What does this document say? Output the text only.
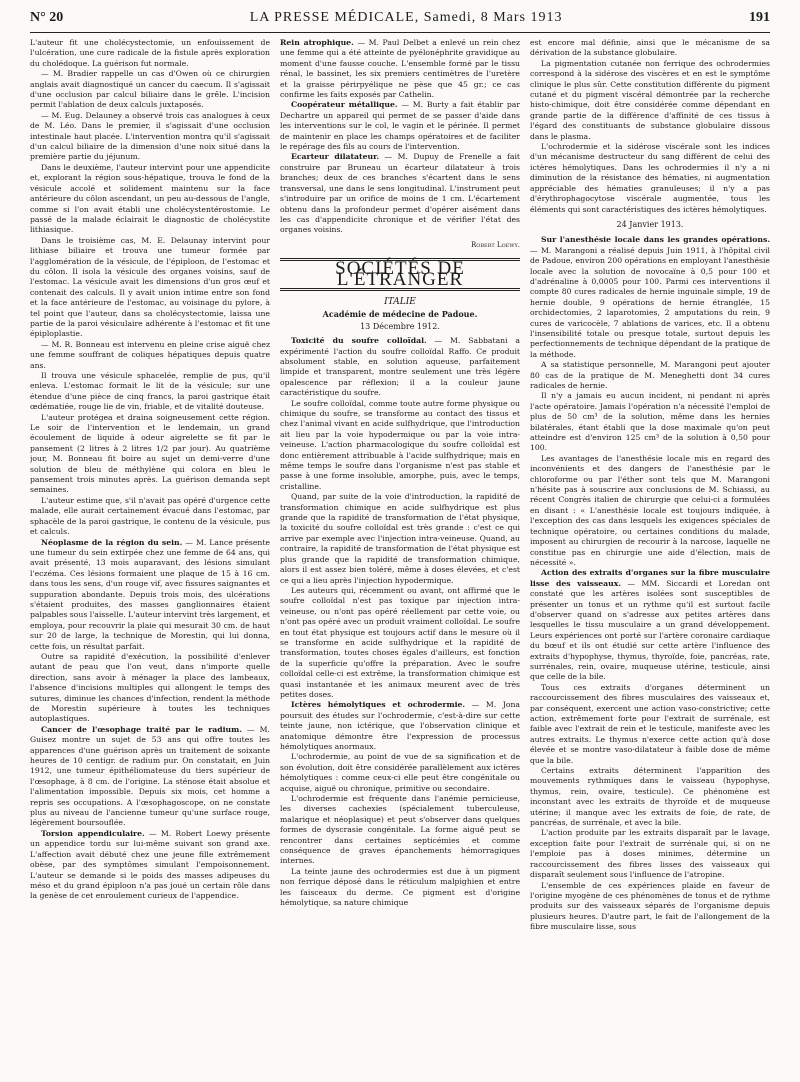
N° 20	LA PRESSE MÉDICALE, Samedi, 8 Mars 1913	191

L'auteur fit une cholécystectomie, un enfouissement de l'ulcération, une cure radicale de la fistule après exploration du cholédoque. La guérison fut normale.

— M. Bradier rappelle un cas d'Owen où ce chirurgien anglais avait diagnostiqué un cancer du caecum. Il s'agissait d'une occlusion par calcul biliaire dans le grêle. L'incision permit l'ablation de deux calculs juxtaposés.

— M. Eug. Delauney a observé trois cas analogues à ceux de M. Léo. Dans le premier, il s'agissait d'une occlusion intestinale haut placée. L'intervention montra qu'il s'agissait d'un calcul biliaire de la dimension d'une noix situé dans la première partie du jéjunum.

Dans le deuxième, l'auteur intervint pour une appendicite et, explorant la région sous-hépatique, trouva le fond de la vésicule accolé et solidement maintenu sur la face antérieure du côlon ascendant, un peu au-dessous de l'angle, comme si l'on avait établi une cholécystentérostomie. Le passé de la malade éclairait le diagnostic de cholécystite lithiasique.

Dans le troisième cas, M. E. Delaunay intervint pour lithiase biliaire et trouva une tumeur formée par l'agglomération de la vésicule, de l'épiploon, de l'estomac et du côlon. Il isola la vésicule des organes voisins, sauf de l'estomac. La vésicule avait les dimensions d'un gros œuf et contenait des calculs. Il y avait union intime entre son fond et la face antérieure de l'estomac, au voisinage du pylore, à tel point que l'auteur, dans sa cholécystectomie, laissa une partie de la paroi vésiculaire adhérente à l'estomac et fit une épiploplastie.

— M. R. Bonneau est intervenu en pleine crise aiguë chez une femme souffrant de coliques hépatiques depuis quatre ans.

Il trouva une vésicule sphacelée, remplie de pus, qu'il enleva. L'estomac formait le lit de la vésicule; sur une étendue d'une pièce de cinq francs, la paroi gastrique était œdématiée, rouge lie de vin, friable, et de vitalité douteuse.

L'auteur protégea et draina soigneusement cette région. Le soir de l'intervention et le lendemain, un grand écoulement de liquide à odeur aigrelette se fit par le pansement (2 litres à 2 litres 1/2 par jour). Au quatrième jour, M. Bonneau fit boire au sujet un demi-verre d'une solution de bleu de méthylène qui colora en bleu le pansement trois minutes après. La guérison demanda sept semaines.

L'auteur estime que, s'il n'avait pas opéré d'urgence cette malade, elle aurait certainement évacué dans l'estomac, par sphacèle de la paroi gastrique, le contenu de la vésicule, pus et calculs.

Néoplasme de la région du sein. — M. Lance présente une tumeur du sein extirpée chez une femme de 64 ans, qui avait présenté, 13 mois auparavant, des lésions simulant l'eczéma. Ces lésions formaient une plaque de 15 à 16 cm. dans tous les sens, d'un rouge vif, avec fissures saignantes et suppuration abondante. Depuis trois mois, des ulcérations s'étaient produites, des masses ganglionnaires étaient palpables sous l'aisselle. L'auteur intervint très largement, et employa, pour recouvrir la plaie qui mesurait 30 cm. de haut sur 20 de large, la technique de Morestin, qui lui donna, cette fois, un résultat parfait.

Outre sa rapidité d'exécution, la possibilité d'enlever autant de peau que l'on veut, dans n'importe quelle direction, sans avoir à ménager la place des lambeaux, l'absence d'incisions multiples qui allongent le temps des sutures, diminue les chances d'infection, rendent la méthode de Morestin supérieure à toutes les techniques autoplastiques.

Cancer de l'œsophage traité par le radium. — M. Guisez montre un sujet de 53 ans qui offre toutes les apparences d'une guérison après un traitement de soixante heures de 10 centigr. de radium pur. On constatait, en Juin 1912, une tumeur épithéliomateuse du tiers supérieur de l'œsophage, à 8 cm. de l'origine. La sténose était absolue et l'alimentation impossible. Depuis six mois, cet homme a repris ses occupations. A l'œsophagoscope, on ne constate plus au niveau de l'ancienne tumeur qu'une surface rouge, légèrement boursouflée.

Torsion appendiculaire. — M. Robert Loewy présente un appendice tordu sur lui-même suivant son grand axe. L'affection avait débuté chez une jeune fille extrêmement obèse, par des symptômes simulant l'empoisonnement. L'auteur se demande si le poids des masses adipeuses du méso et du grand épiploon n'a pas joué un certain rôle dans la genèse de cet enroulement curieux de l'appendice.

Rein atrophique. — M. Paul Delbet a enlevé un rein chez une femme qui a été atteinte de pyélonéphrite gravidique au moment d'une fausse couche. L'ensemble formé par le tissu rénal, le bassinet, les six premiers centimètres de l'uretère et la graisse périrpyélique ne pèse que 45 gr.; ce cas confirme les faits exposés par Cathelin.

Coopérateur métallique. — M. Burty a fait établir par Dechartre un appareil qui permet de se passer d'aide dans les interventions sur le col, le vagin et le périnée. Il permet de maintenir en place les champs opératoires et de faciliter le repérage des fils au cours de l'intervention.

Ecarteur dilatateur. — M. Dupuy de Frenelle a fait construire par Bruneau un écarteur dilatateur à trois branches; deux de ces branches s'écartent dans le sens transversal, une dans le sens longitudinal. L'instrument peut s'introduire par un orifice de moins de 1 cm. L'écartement obtenu dans la profondeur permet d'opérer aisément dans les cas d'appendicite chronique et de vérifier l'état des organes voisins.

Robert Loewy.
SOCIÉTÉS DE L'ÉTRANGER
ITALIE
Académie de médecine de Padoue.
13 Décembre 1912.

Toxicité du soufre colloïdal. — M. Sabbatani a expérimenté l'action du soufre colloïdal Raffo. Ce produit absolument stable, en solution aqueuse, parfaitement limpide et transparent, montre seulement une très légère opalescence par réflexion; il a la couleur jaune caractéristique du soufre.

Le soufre colloïdal, comme toute autre forme physique ou chimique du soufre, se transforme au contact des tissus et chez l'animal vivant en acide sulfhydrique, que l'introduction ait lieu par la voie hypodermique ou par la voie intra-veineuse. L'action pharmacologique du soufre colloïdal est donc entièrement attribuable à l'acide sulfhydrique; mais en même temps le soufre dans l'organisme n'est pas stable et passe à une forme insoluble, amorphe, puis, avec le temps, cristalline.

Quand, par suite de la voie d'introduction, la rapidité de transformation chimique en acide sulfhydrique est plus grande que la rapidité de transformation de l'état physique, la toxicité du soufre colloïdal est très grande : c'est ce qui arrive par exemple avec l'injection intra-veineuse. Quand, au contraire, la rapidité de transformation de l'état physique est plus grande que la rapidité de transformation chimique, alors il est assez bien toléré, même à doses élevées, et c'est ce qui a lieu après l'injection hypodermique.

Les auteurs qui, récemment ou avant, ont affirmé que le soufre colloïdal n'est pas toxique par injection intra-veineuse, ou n'ont pas opéré réellement par cette voie, ou n'ont pas opéré avec un produit vraiment colloïdal. Le soufre en tout état physique est toujours actif dans le mesure où il se transforme en acide sulfhydrique et la rapidité de transformation, toutes choses égales d'ailleurs, est fonction de la superficie qu'offre la préparation. Avec le soufre colloïdal celle-ci est extrême, la transformation chimique est quasi instantanée et les animaux meurent avec de très petites doses.

Ictères hémolytiques et ochrodermie. — M. Jona poursuit des études sur l'ochrodermie, c'est-à-dire sur cette teinte jaune, non ictérique, que l'observation clinique et anatomique démontre être l'expression de processus hémolytiques anormaux.

L'ochrodermie, au point de vue de sa signification et de son évolution, doit être considérée parallèlement aux ictères hémolytiques : comme ceux-ci elle peut être congénitale ou acquise, aiguë ou chronique, primitive ou secondaire.

L'ochrodermie est fréquente dans l'anémie pernicieuse, les diverses cachexies (spécialement tuberculeuse, malarique et néoplasique) et peut s'observer dans quelques formes de dyscrasie congénitale. La forme aiguë peut se rencontrer dans certaines septicémies et comme conséquence de graves épanchements hémorragiques internes.

La teinte jaune des ochrodermies est due à un pigment non ferrique déposé dans le réticulum malpighien et entre les faisceaux du derme. Ce pigment est d'origine hémolytique, sa nature chimique

est encore mal définie, ainsi que le mécanisme de sa dérivation de la substance globulaire.

La pigmentation cutanée non ferrique des ochrodermies correspond à la sidérose des viscères et en est le symptôme clinique le plus sûr. Cette constitution différente du pigment cutané et du pigment viscéral démontrée par la recherche histo-chimique, doit être considérée comme dépendant en grande partie de la différence d'affinité de ces tissus à l'égard des constituants de substance globulaire dissous dans le plasma.

L'ochrodermie et la sidérose viscérale sont les indices d'un mécanisme destructeur du sang différent de celui des ictères hémolytiques. Dans les ochrodermies il n'y a ni diminution de la résistance des hématies, ni augmentation appréciable des hématies granuleuses; il n'y a pas d'érythrophagocytose viscérale augmentée, tous les éléments qui sont caractéristiques des ictères hémolytiques.

24 Janvier 1913.

Sur l'anesthésie locale dans les grandes opérations. — M. Marangoni a réalisé depuis Juin 1911, à l'hôpital civil de Padoue, environ 200 opérations en employant l'anesthésie locale avec la solution de novocaïne à 0,5 pour 100 et d'adrénaline à 0,0005 pour 100. Parmi ces interventions il compte 80 cures radicales de hernie inguinale simple, 19 de hernie double, 9 opérations de hernie étranglée, 15 orchidectomies, 2 laparotomies, 2 amputations du rein, 9 cures de varicocèle, 7 ablations de varices, etc. Il a obtenu l'insensibilité totale ou presque totale, surtout depuis les perfectionnements de technique dépendant de la pratique de la méthode.

A sa statistique personnelle, M. Marangoni peut ajouter 80 cas de la pratique de M. Meneghetti dont 34 cures radicales de hernie.

Il n'y a jamais eu aucun incident, ni pendant ni après l'acte opératoire. Jamais l'opération n'a nécessité l'emploi de plus de 50 cm³ de la solution, même dans les hernies bilatérales, étant établi que la dose maximale qu'on peut atteindre est d'environ 125 cm³ de la solution à 0,50 pour 100.

Les avantages de l'anesthésie locale mis en regard des inconvénients et des dangers de l'anesthésie par le chloroforme ou par l'éther sont tels que M. Marangoni n'hésite pas à souscrire aux conclusions de M. Schiassi, au récent Congrès italien de chirurgie que celui-ci a formulées en disant : « L'anesthésie locale est toujours indiquée, à l'exception des cas dans lesquels les exigences spéciales de technique opératoire, ou certaines conditions du malade, imposent au chirurgien de recourir à la narcose, laquelle ne constitue pas en chirurgie une aide d'élection, mais de nécessité ».

Action des extraits d'organes sur la fibre musculaire lisse des vaisseaux. — MM. Siccardi et Loredan ont constaté que les artères isolées sont susceptibles de présenter un tonus et un rythme qu'il est surtout facile d'observer quand on s'adresse aux petites artères dans lesquelles le tissu musculaire a un grand développement. Leurs expériences ont porté sur l'artère coronaire cardiaque du bœuf et ils ont étudié sur cette artère l'influence des extraits d'hypophyse, thymus, thyroïde, foie, pancréas, rate, surrénales, rein, ovaire, muqueuse utérine, testicule, ainsi que celle de la bile.

Tous ces extraits d'organes déterminent un raccourcissement des fibres musculaires des vaisseaux et, par conséquent, exercent une action vaso-constrictive; cette action, extrêmement forte pour l'extrait de surrénale, est faible avec l'extrait de rein et le testicule, manifeste avec les autres extraits. Le thymus n'exerce cette action qu'à dose élevée et se montre vaso-dilatateur à faible dose de même que la bile.

Certains extraits déterminent l'apparition des mouvements rythmiques dans le vaisseau (hypophyse, thymus, rein, ovaire, testicule). Ce phénomène est inconstant avec les extraits de thyroïde et de muqueuse utérine; il manque avec les extraits de foie, de rate, de pancréas, de surrénale, et avec la bile.

L'action produite par les extraits disparaît par le lavage, exception faite pour l'extrait de surrénale qui, si on ne l'emploie pas à doses minimes, détermine un raccourcissement des fibres lisses des vaisseaux qui disparaît seulement sous l'influence de l'atropine.

L'ensemble de ces expériences plaide en faveur de l'origine myogène de ces phénomènes de tonus et de rythme produits sur des vaisseaux séparés de l'organisme depuis plusieurs heures. D'autre part, le fait de l'allongement de la fibre musculaire lisse, sous
